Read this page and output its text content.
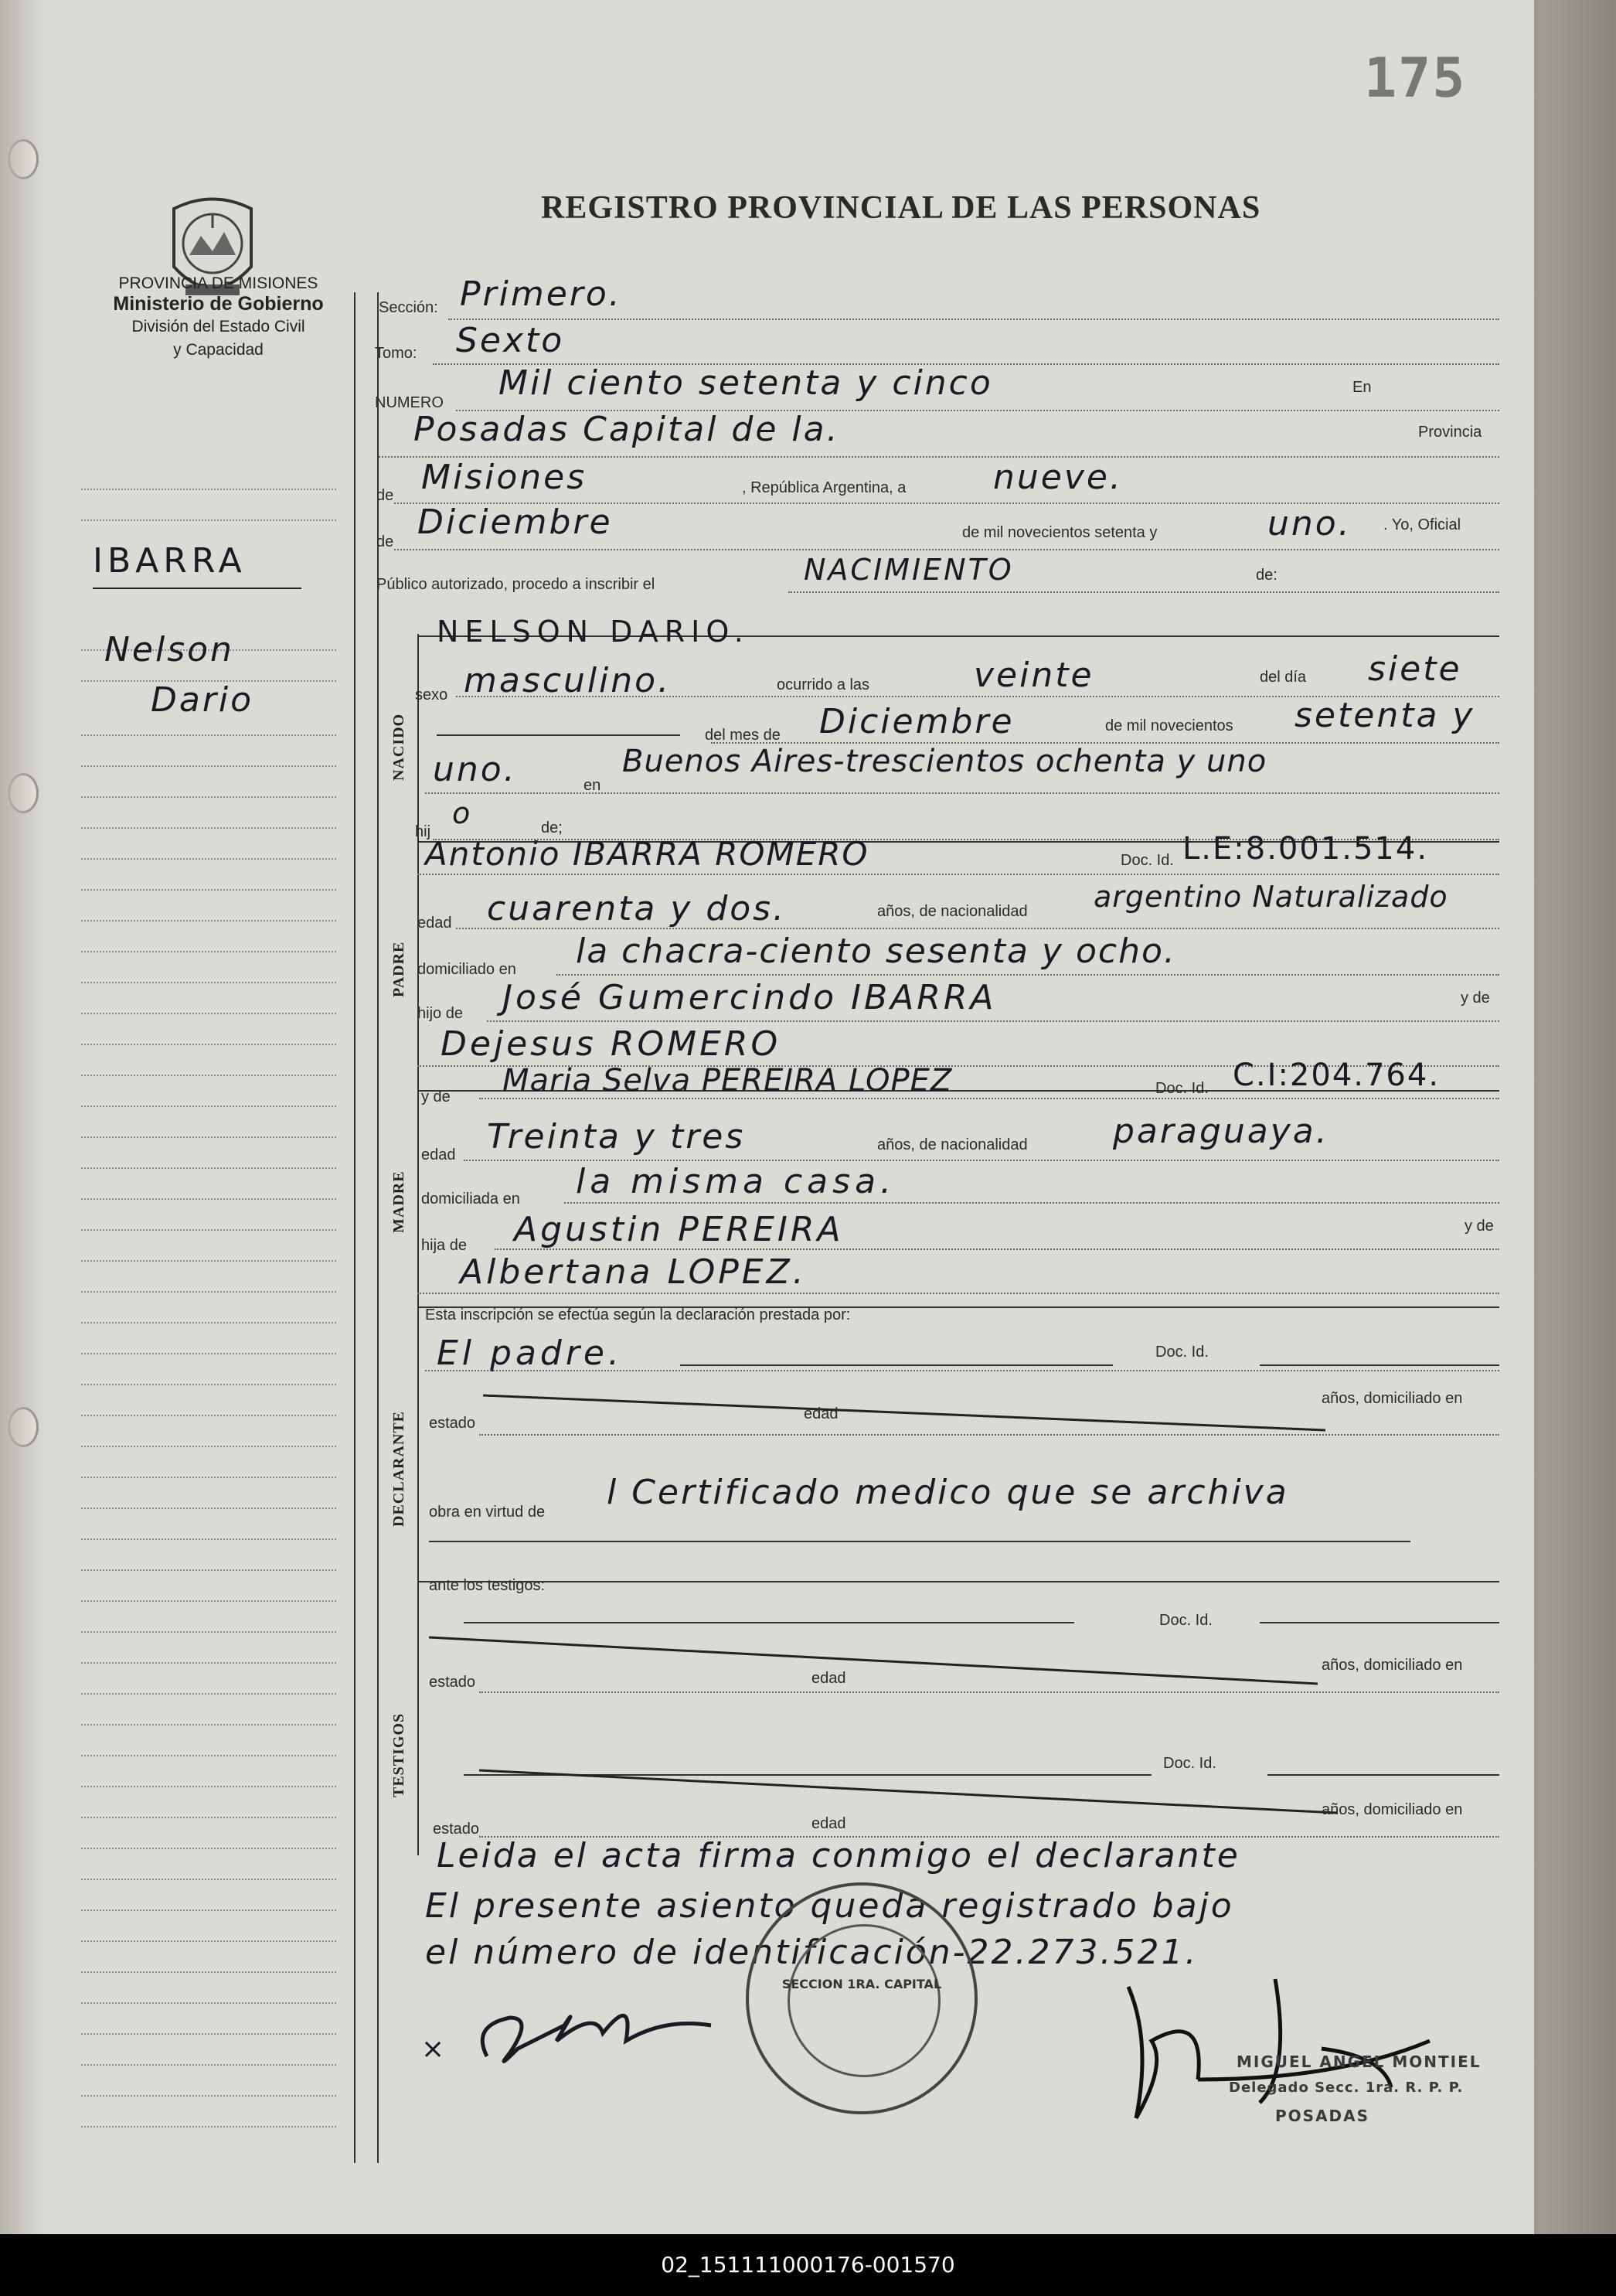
175
REGISTRO PROVINCIAL DE LAS PERSONAS
PROVINCIA DE MISIONES
Ministerio de Gobierno
División del Estado Civil
y Capacidad
IBARRA
Nelson
Dario
NACIDO
PADRE
MADRE
DECLARANTE
TESTIGOS
Sección: Primero.
Tomo: Sexto
NUMERO Mil ciento setenta y cinco	En
Posadas Capital de la.	Provincia
de Misiones	, República Argentina, a	nueve.
de Diciembre	de mil novecientos setenta y	uno. . Yo, Oficial
Público autorizado, procedo a inscribir el	NACIMIENTO	de:
NELSON DARIO.
sexo masculino.	ocurrido a las	veinte	del día siete
del mes de Diciembre	de mil novecientos setenta y
uno.	en
Buenos Aires-trescientos ochenta y uno
hij
o	de;
Antonio IBARRA ROMERO	Doc. Id. L.E:8.001.514.
edad cuarenta y dos.	años, de nacionalidad argentino Naturalizado
domiciliado en la chacra-ciento sesenta y ocho.
hijo de José Gumercindo IBARRA	y de
Dejesus ROMERO
y de Maria Selva PEREIRA LOPEZ	Doc. Id. C.I:204.764.
edad Treinta y tres	años, de nacionalidad	paraguaya.
domiciliada en la misma casa.
hija de Agustin PEREIRA	y de
Albertana LOPEZ.
Esta inscripción se efectúa según la declaración prestada por:
El padre.	Doc. Id.
estado
edad
años, domiciliado en
obra en virtud de l Certificado medico que se archiva
ante los testigos:
Doc. Id.
estado	edad
años, domiciliado en
Doc. Id.
estado	edad
años, domiciliado en
Leida el acta firma conmigo el declarante
El presente asiento queda registrado bajo
el número de identificación-22.273.521.
×
SECCION 1RA. CAPITAL
MIGUEL ANGEL MONTIEL
Delegado Secc. 1ra. R. P. P.
POSADAS
02_151111000176-001570
